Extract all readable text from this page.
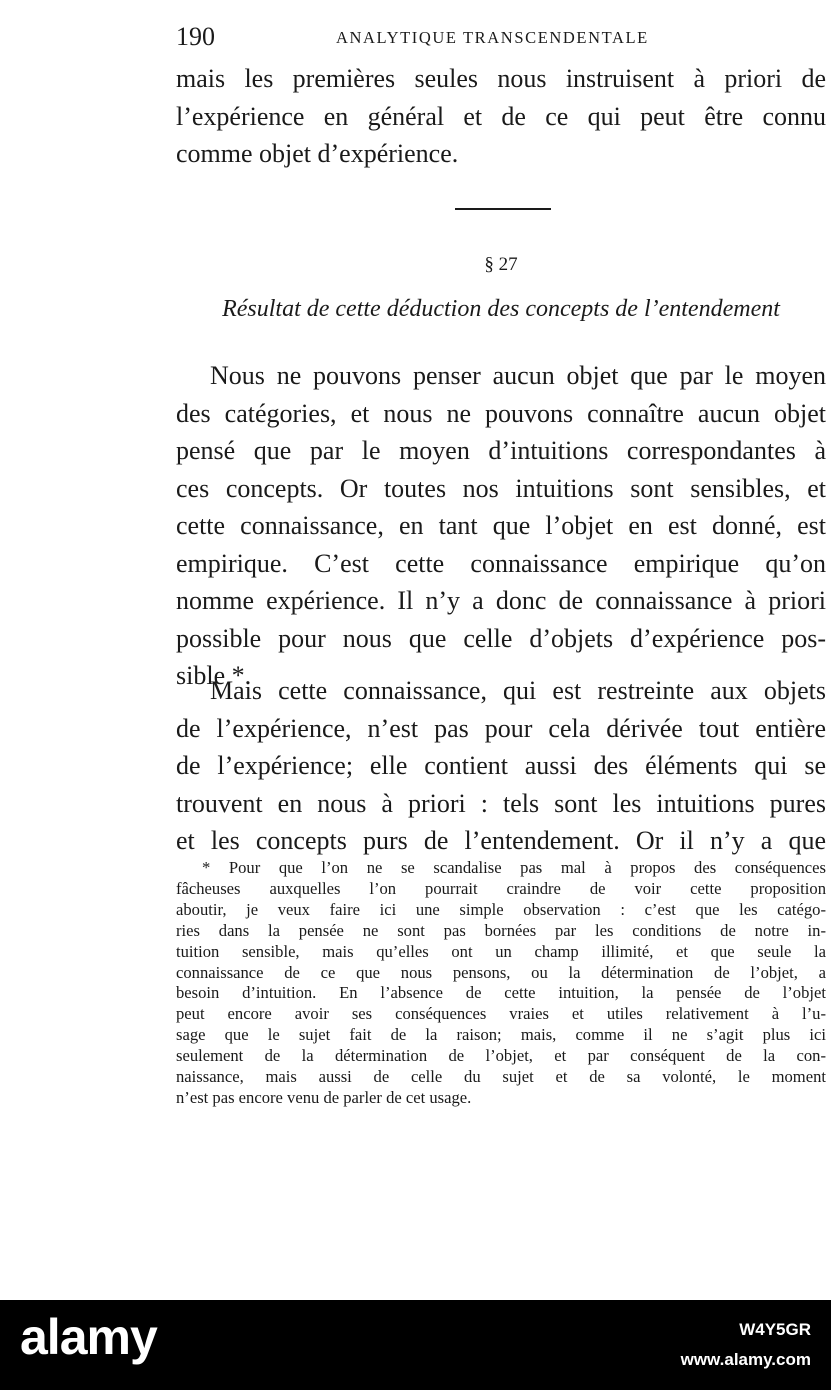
190	ANALYTIQUE TRANSCENDENTALE
mais les premières seules nous instruisent à priori de
l’expérience en général et de ce qui peut être connu
comme objet d’expérience.
§ 27
Résultat de cette déduction des concepts de l’entendement
Nous ne pouvons penser aucun objet que par le moyen
des catégories, et nous ne pouvons connaître aucun objet
pensé que par le moyen d’intuitions correspondantes à
ces concepts. Or toutes nos intuitions sont sensibles, et
cette connaissance, en tant que l’objet en est donné, est
empirique. C’est cette connaissance empirique qu’on
nomme expérience. Il n’y a donc de connaissance à priori
possible pour nous que celle d’objets d’expérience pos-
sible *.
Mais cette connaissance, qui est restreinte aux objets
de l’expérience, n’est pas pour cela dérivée tout entière
de l’expérience; elle contient aussi des éléments qui se
trouvent en nous à priori : tels sont les intuitions pures
et les concepts purs de l’entendement. Or il n’y a que
* Pour que l’on ne se scandalise pas mal à propos des conséquences
fâcheuses auxquelles l’on pourrait craindre de voir cette proposition
aboutir, je veux faire ici une simple observation : c’est que les catégo-
ries dans la pensée ne sont pas bornées par les conditions de notre in-
tuition sensible, mais qu’elles ont un champ illimité, et que seule la
connaissance de ce que nous pensons, ou la détermination de l’objet, a
besoin d’intuition. En l’absence de cette intuition, la pensée de l’objet
peut encore avoir ses conséquences vraies et utiles relativement à l’u-
sage que le sujet fait de la raison; mais, comme il ne s’agit plus ici
seulement de la détermination de l’objet, et par conséquent de la con-
naissance, mais aussi de celle du sujet et de sa volonté, le moment
n’est pas encore venu de parler de cet usage.
alamy	W4Y5GR
www.alamy.com
